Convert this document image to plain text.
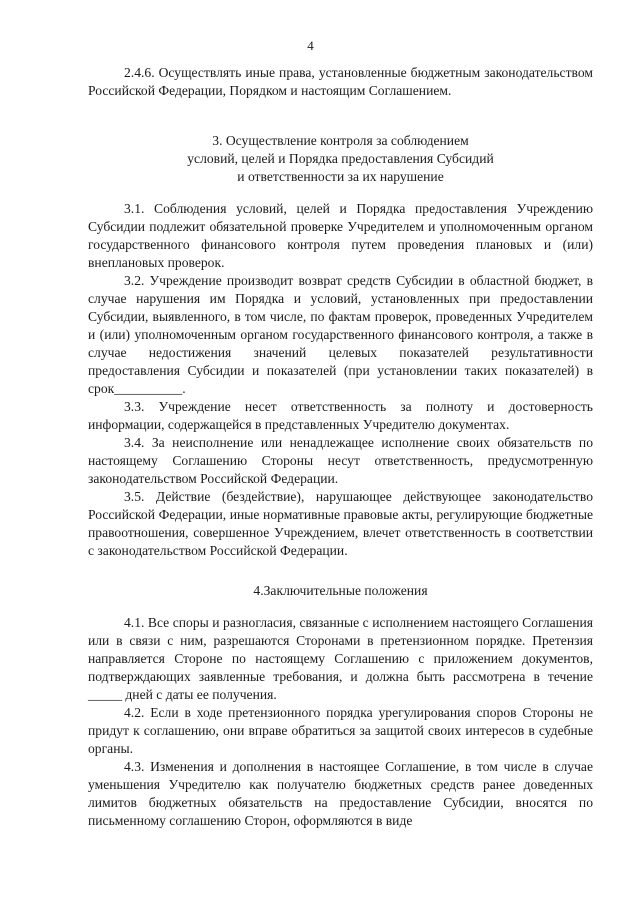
4

2.4.6. Осуществлять иные права, установленные бюджетным законодательством Российской Федерации, Порядком и настоящим Соглашением.

3. Осуществление контроля за соблюдением

условий, целей и Порядка предоставления Субсидий

и ответственности за их нарушение

3.1. Соблюдения условий, целей и Порядка предоставления Учреждению Субсидии подлежит обязательной проверке Учредителем и уполномоченным органом государственного финансового контроля путем проведения плановых и (или) внеплановых проверок.

3.2. Учреждение производит возврат средств Субсидии в областной бюджет, в случае нарушения им Порядка и условий, установленных при предоставлении Субсидии, выявленного, в том числе, по фактам проверок, проведенных Учредителем и (или) уполномоченным органом государственного финансового контроля, а также в случае недостижения значений целевых показателей результативности предоставления Субсидии и показателей (при установлении таких показателей) в срок__________.

3.3. Учреждение несет ответственность за полноту и достоверность информации, содержащейся в представленных Учредителю документах.

3.4. За неисполнение или ненадлежащее исполнение своих обязательств по настоящему Соглашению Стороны несут ответственность, предусмотренную законодательством Российской Федерации.

3.5. Действие (бездействие), нарушающее действующее законодательство Российской Федерации, иные нормативные правовые акты, регулирующие бюджетные правоотношения, совершенное Учреждением, влечет ответственность в соответствии с законодательством Российской Федерации.

4.Заключительные положения

4.1. Все споры и разногласия, связанные с исполнением настоящего Соглашения или в связи с ним, разрешаются Сторонами в претензионном порядке. Претензия направляется Стороне по настоящему Соглашению с приложением документов, подтверждающих заявленные требования, и должна быть рассмотрена в течение _____ дней с даты ее получения.

4.2. Если в ходе претензионного порядка урегулирования споров Стороны не придут к соглашению, они вправе обратиться за защитой своих интересов в судебные органы.

4.3. Изменения и дополнения в настоящее Соглашение, в том числе в случае уменьшения Учредителю как получателю бюджетных средств ранее доведенных лимитов бюджетных обязательств на предоставление Субсидии, вносятся по письменному соглашению Сторон, оформляются в виде
